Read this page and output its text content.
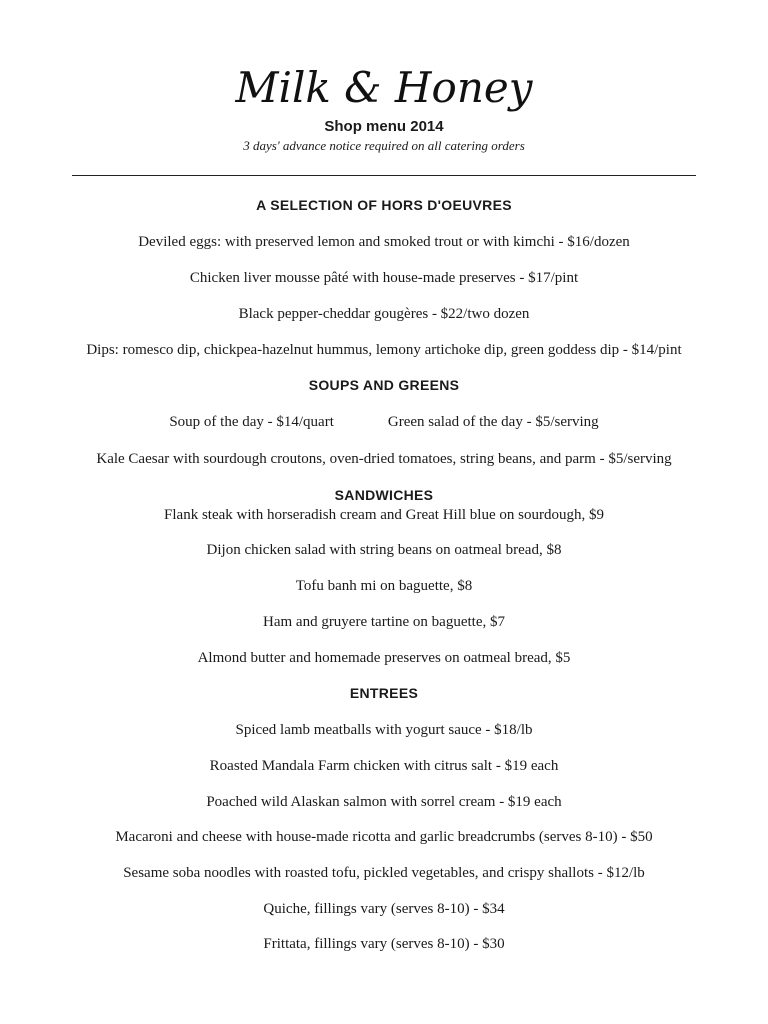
Milk & Honey
Shop menu 2014
3 days' advance notice required on all catering orders
A SELECTION OF HORS D'OEUVRES
Deviled eggs: with preserved lemon and smoked trout or with kimchi - $16/dozen
Chicken liver mousse pâté with house-made preserves - $17/pint
Black pepper-cheddar gougères - $22/two dozen
Dips: romesco dip, chickpea-hazelnut hummus, lemony artichoke dip, green goddess dip - $14/pint
SOUPS AND GREENS
Soup of the day - $14/quart	Green salad of the day - $5/serving
Kale Caesar with sourdough croutons, oven-dried tomatoes, string beans, and parm - $5/serving
SANDWICHES
Flank steak with horseradish cream and Great Hill blue on sourdough, $9
Dijon chicken salad with string beans on oatmeal bread, $8
Tofu banh mi on baguette, $8
Ham and gruyere tartine on baguette, $7
Almond butter and homemade preserves on oatmeal bread, $5
ENTREES
Spiced lamb meatballs with yogurt sauce - $18/lb
Roasted Mandala Farm chicken with citrus salt - $19 each
Poached wild Alaskan salmon with sorrel cream - $19 each
Macaroni and cheese with house-made ricotta and garlic breadcrumbs (serves 8-10) - $50
Sesame soba noodles with roasted tofu, pickled vegetables, and crispy shallots - $12/lb
Quiche, fillings vary (serves 8-10) - $34
Frittata, fillings vary (serves 8-10) - $30
